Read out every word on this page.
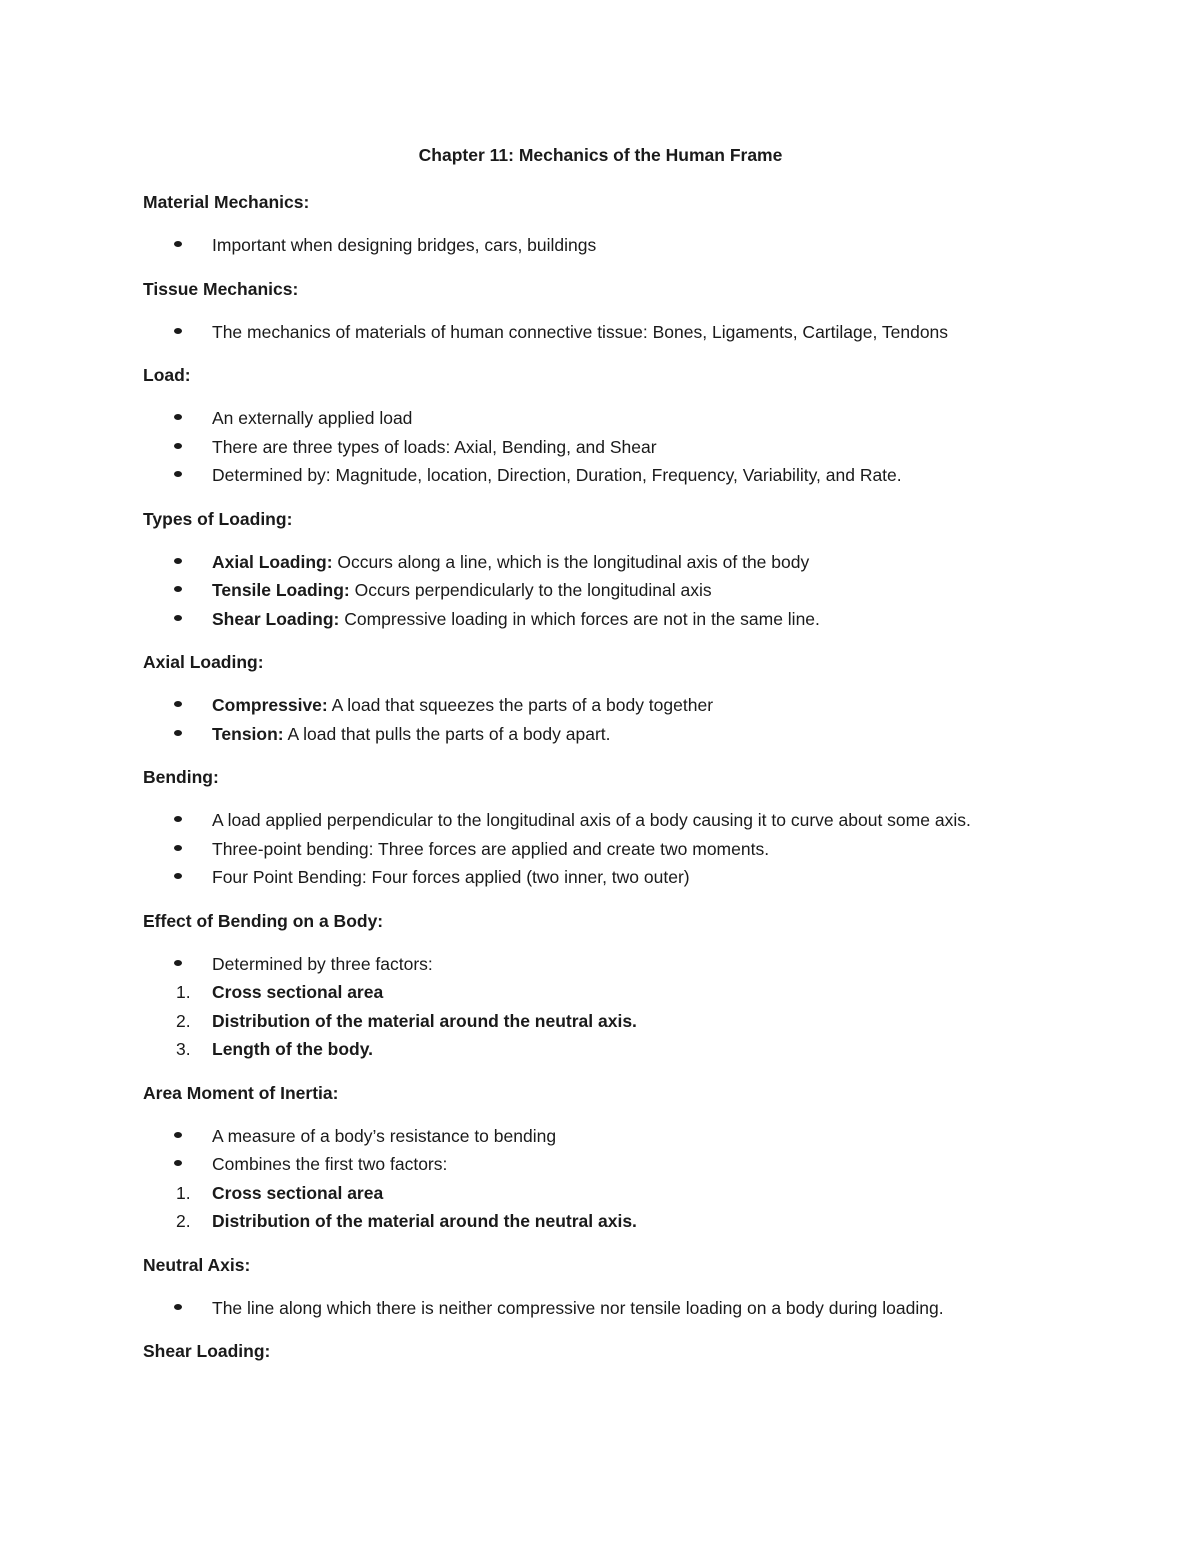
Chapter 11: Mechanics of the Human Frame
Material Mechanics:
Important when designing bridges, cars, buildings
Tissue Mechanics:
The mechanics of materials of human connective tissue: Bones, Ligaments, Cartilage, Tendons
Load:
An externally applied load
There are three types of loads: Axial, Bending, and Shear
Determined by: Magnitude, location, Direction, Duration, Frequency, Variability, and Rate.
Types of Loading:
Axial Loading: Occurs along a line, which is the longitudinal axis of the body
Tensile Loading: Occurs perpendicularly to the longitudinal axis
Shear Loading: Compressive loading in which forces are not in the same line.
Axial Loading:
Compressive: A load that squeezes the parts of a body together
Tension: A load that pulls the parts of a body apart.
Bending:
A load applied perpendicular to the longitudinal axis of a body causing it to curve about some axis.
Three-point bending: Three forces are applied and create two moments.
Four Point Bending: Four forces applied (two inner, two outer)
Effect of Bending on a Body:
Determined by three factors:
1. Cross sectional area
2. Distribution of the material around the neutral axis.
3. Length of the body.
Area Moment of Inertia:
A measure of a body’s resistance to bending
Combines the first two factors:
1. Cross sectional area
2. Distribution of the material around the neutral axis.
Neutral Axis:
The line along which there is neither compressive nor tensile loading on a body during loading.
Shear Loading:
